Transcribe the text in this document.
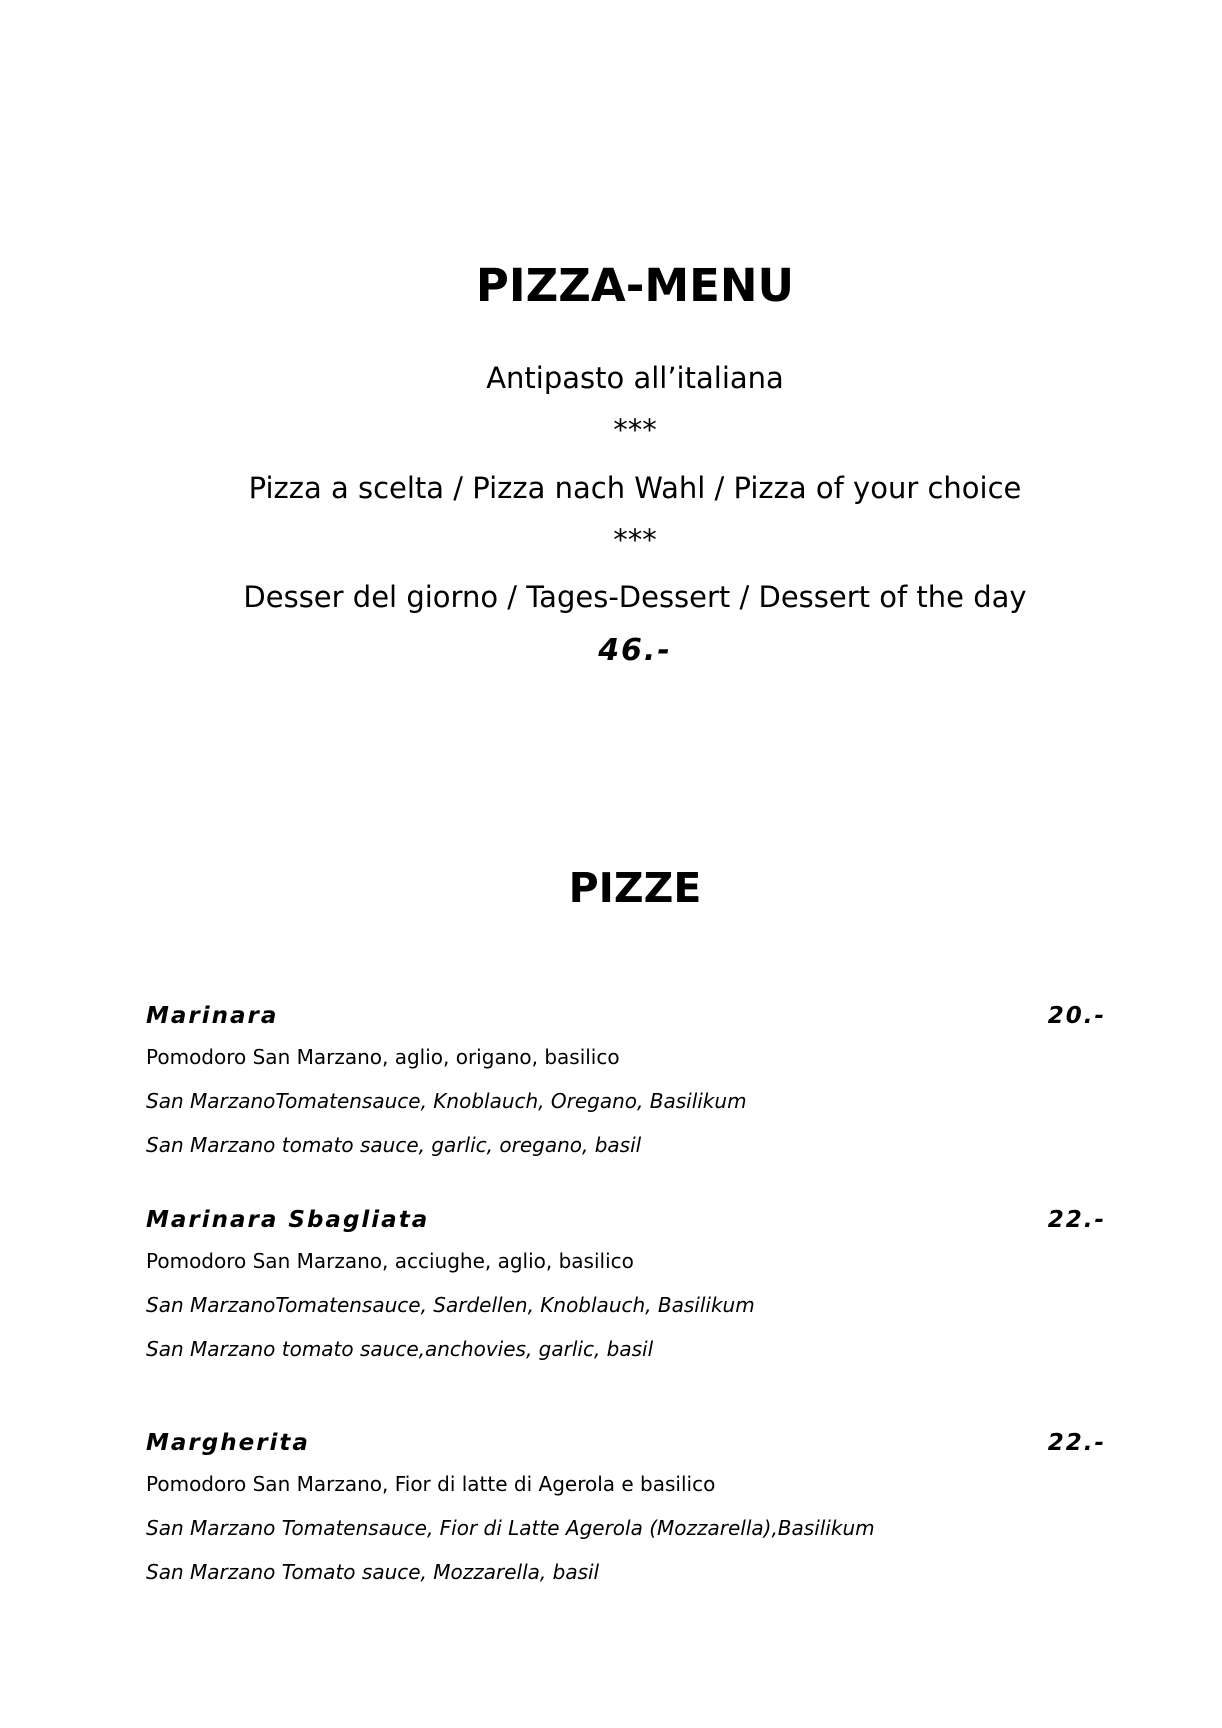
PIZZA-MENU

Antipasto all’italiana

***

Pizza a scelta / Pizza nach Wahl / Pizza of your choice

***

Desser del giorno / Tages-Dessert / Dessert of the day

46.-

PIZZE
Marinara	20.-
Pomodoro San Marzano, aglio, origano, basilico
San MarzanoTomatensauce, Knoblauch, Oregano, Basilikum
San Marzano tomato sauce, garlic, oregano, basil
Marinara Sbagliata	22.-
Pomodoro San Marzano, acciughe, aglio, basilico
San MarzanoTomatensauce, Sardellen, Knoblauch, Basilikum
San Marzano tomato sauce,anchovies, garlic, basil
Margherita	22.-
Pomodoro San Marzano, Fior di latte di Agerola e basilico
San Marzano Tomatensauce, Fior di Latte Agerola (Mozzarella),Basilikum
San Marzano Tomato sauce, Mozzarella, basil
